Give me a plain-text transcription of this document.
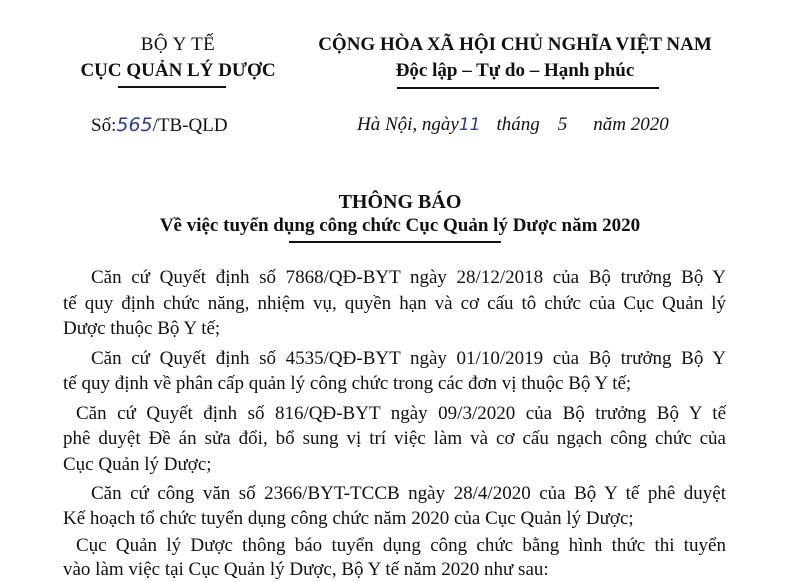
BỘ Y TẾ
CỤC QUẢN LÝ DƯỢC
CỘNG HÒA XÃ HỘI CHỦ NGHĨA VIỆT NAM
Độc lập – Tự do – Hạnh phúc
Số:565/TB-QLD	Hà Nội, ngày11 tháng 5 năm 2020
THÔNG BÁO
Về việc tuyển dụng công chức Cục Quản lý Dược năm 2020
Căn cứ Quyết định số 7868/QĐ-BYT ngày 28/12/2018 của Bộ trưởng Bộ Y
tế quy định chức năng, nhiệm vụ, quyền hạn và cơ cấu tô chức của Cục Quản lý
Dược thuộc Bộ Y tế;
Căn cứ Quyết định số 4535/QĐ-BYT ngày 01/10/2019 của Bộ trưởng Bộ Y
tế quy định về phân cấp quản lý công chức trong các đơn vị thuộc Bộ Y tế;
Căn cứ Quyết định số 816/QĐ-BYT ngày 09/3/2020 của Bộ trưởng Bộ Y tế
phê duyệt Đề án sửa đổi, bổ sung vị trí việc làm và cơ cấu ngạch công chức của
Cục Quản lý Dược;
Căn cứ công văn số 2366/BYT-TCCB ngày 28/4/2020 của Bộ Y tế phê duyệt
Kế hoạch tổ chức tuyển dụng công chức năm 2020 của Cục Quản lý Dược;
Cục Quản lý Dược thông báo tuyển dụng công chức bằng hình thức thi tuyển
vào làm việc tại Cục Quản lý Dược, Bộ Y tế năm 2020 như sau:
